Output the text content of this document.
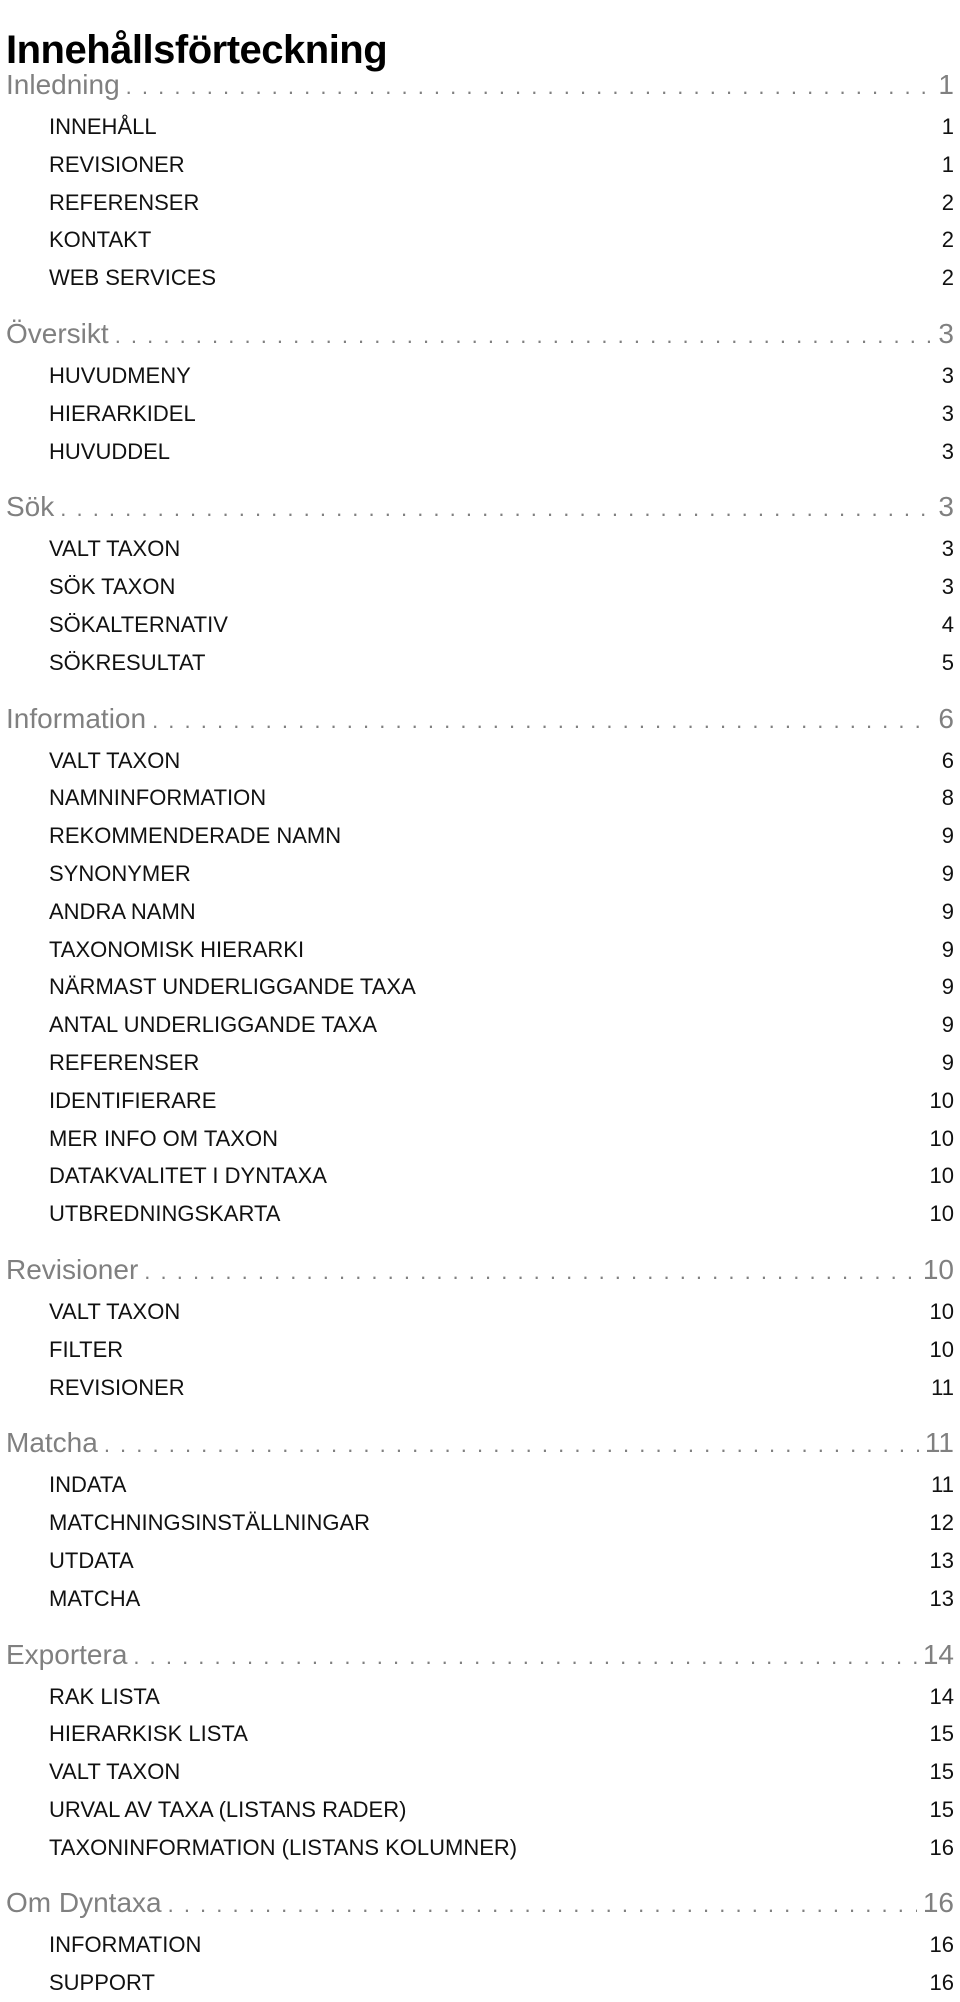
Innehållsförteckning
Inledning . . .	1
INNEHÅLL	1
REVISIONER	1
REFERENSER	2
KONTAKT	2
WEB SERVICES	2
Översikt . . .	3
HUVUDMENY	3
HIERARKIDEL	3
HUVUDDEL	3
Sök . . .	3
VALT TAXON	3
SÖK TAXON	3
SÖKALTERNATIV	4
SÖKRESULTAT	5
Information . . .	6
VALT TAXON	6
NAMNINFORMATION	8
REKOMMENDERADE NAMN	9
SYNONYMER	9
ANDRA NAMN	9
TAXONOMISK HIERARKI	9
NÄRMAST UNDERLIGGANDE TAXA	9
ANTAL UNDERLIGGANDE TAXA	9
REFERENSER	9
IDENTIFIERARE	10
MER INFO OM TAXON	10
DATAKVALITET I DYNTAXA	10
UTBREDNINGSKARTA	10
Revisioner . . .	10
VALT TAXON	10
FILTER	10
REVISIONER	11
Matcha . . .	11
INDATA	11
MATCHNINGSINSTÄLLNINGAR	12
UTDATA	13
MATCHA	13
Exportera . . .	14
RAK LISTA	14
HIERARKISK LISTA	15
VALT TAXON	15
URVAL AV TAXA (LISTANS RADER)	15
TAXONINFORMATION (LISTANS KOLUMNER)	16
Om Dyntaxa . . .	16
INFORMATION	16
SUPPORT	16
